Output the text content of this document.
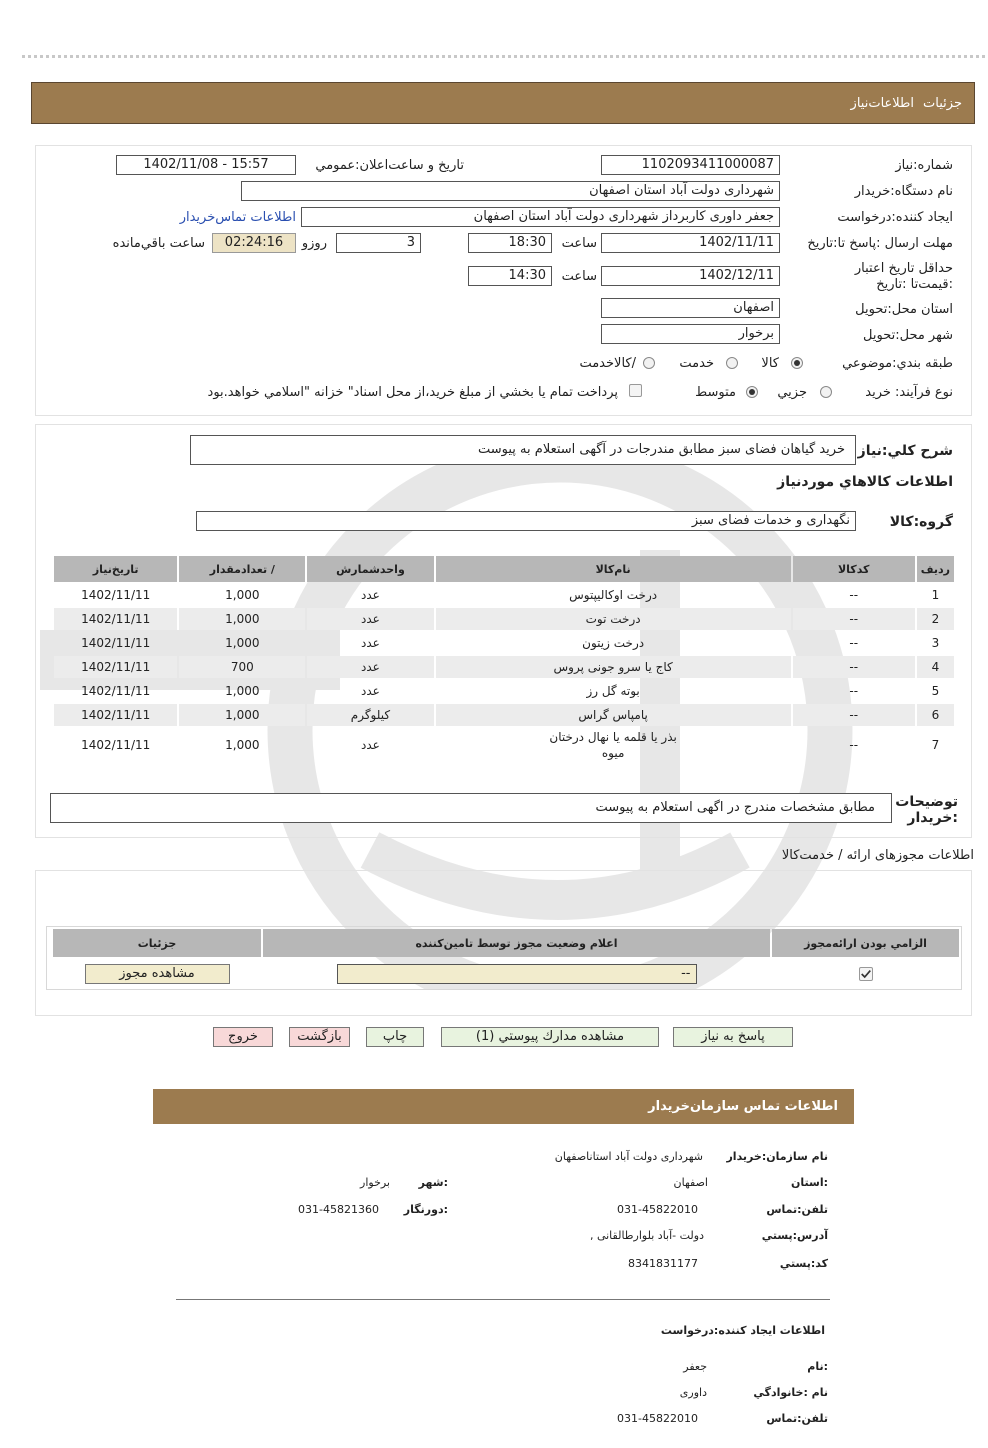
جزئيات
اطلاعات‌نياز
شماره:نياز
1102093411000087
تاريخ و ساعت‌اعلان:عمومي
1402/11/08 - 15:57
نام دستگاه:خريدار
شهرداری دولت آباد استان اصفهان
ايجاد كننده:درخواست
جعفر داوری کاربرداز شهرداری دولت آباد استان اصفهان
اطلاعات تماس‌خريدار
مهلت ارسال :پاسخ تا:تاريخ
1402/11/11
ساعت
18:30
3
روزو
02:24:16
ساعت باقي‌مانده
حداقل تاريخ اعتبار :قيمت‌تا :تاريخ
1402/12/11
ساعت
14:30
استان محل:تحويل
اصفهان
شهر محل:تحويل
برخوار
طبقه بندي:موضوعي
كالا
خدمت
/كالاخدمت
نوع فرآيند: خريد
جزيي
متوسط
پرداخت تمام يا بخشي از مبلغ خريد،از محل اسناد" خزانه "اسلامي خواهد.بود
شرح كلي:نياز
خرید گیاهان فضای سبز مطابق مندرجات در آگهی استعلام به پیوست
اطلاعات كالاهاي موردنياز
گروه:كالا
نگهداری و خدمات فضای سبز
رديف	كدكالا	نام‌كالا	واحدشمارش	/ تعدادمقدار	تاريخ‌نياز
1	--	درخت اوکالیپتوس	عدد	1,000	1402/11/11
2	--	درخت توت	عدد	1,000	1402/11/11
3	--	درخت زیتون	عدد	1,000	1402/11/11
4	--	کاج یا سرو جونی پروس	عدد	700	1402/11/11
5	--	بوته گل رز	عدد	1,000	1402/11/11
6	--	پامپاس گراس	کیلوگرم	1,000	1402/11/11
7	--	بذر یا قلمه یا نهال درختان میوه	عدد	1,000	1402/11/11
توضيحات :خريدار
مطابق مشخصات مندرج در اگهی استعلام به پیوست
اطلاعات مجوزهای ارائه / خدمت‌کالا
الزامي بودن ارائه‌مجوز	اعلام وضعيت مجوز توسط تامين‌كننده	جزئيات

	--	مشاهده مجوز
پاسخ به نياز
مشاهده مدارك پيوستي (1)
چاپ
بازگشت
خروج
اطلاعات تماس سازمان‌خريدار
نام سازمان:خريدار
شهرداری دولت آباد استاناصفهان
:استان
اصفهان
:شهر
برخوار
تلفن:تماس
031-45822010
:دورنگار
031-45821360
آدرس:پستي
دولت -آباد بلوارطالقانی ,
كد:پستي
8341831177
اطلاعات ايجاد كننده:درخواست
:نام
جعفر
نام :خانوادگي
داوری
تلفن:تماس
031-45822010
